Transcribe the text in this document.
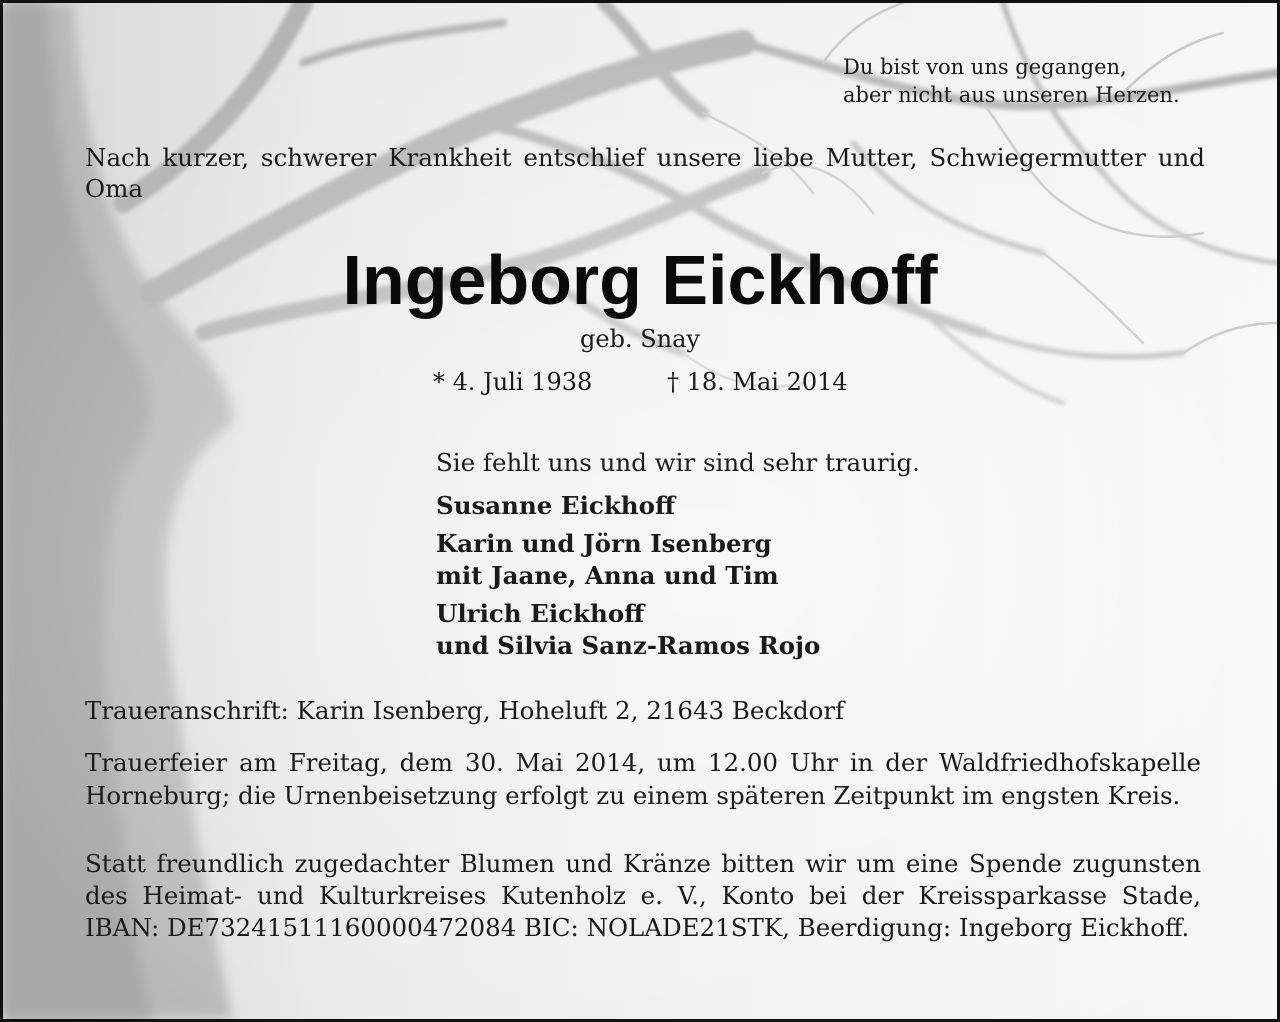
Du bist von uns gegangen,
aber nicht aus unseren Herzen.

Nach kurzer, schwerer Krankheit entschlief unsere liebe Mutter, Schwiegermutter und Oma

Ingeborg Eickhoff
geb. Snay
* 4. Juli 1938	† 18. Mai 2014
Sie fehlt uns und wir sind sehr traurig.
Susanne Eickhoff
Karin und Jörn Isenberg
mit Jaane, Anna und Tim
Ulrich Eickhoff
und Silvia Sanz-Ramos Rojo

Traueranschrift: Karin Isenberg, Hoheluft 2, 21643 Beckdorf

Trauerfeier am Freitag, dem 30. Mai 2014, um 12.00 Uhr in der Waldfriedhofskapelle Horneburg; die Urnenbeisetzung erfolgt zu einem späteren Zeitpunkt im engsten Kreis.

Statt freundlich zugedachter Blumen und Kränze bitten wir um eine Spende zugunsten des Heimat- und Kulturkreises Kutenholz e. V., Konto bei der Kreissparkasse Stade, IBAN: DE73241511160000472084 BIC: NOLADE21STK, Beerdigung: Ingeborg Eickhoff.
